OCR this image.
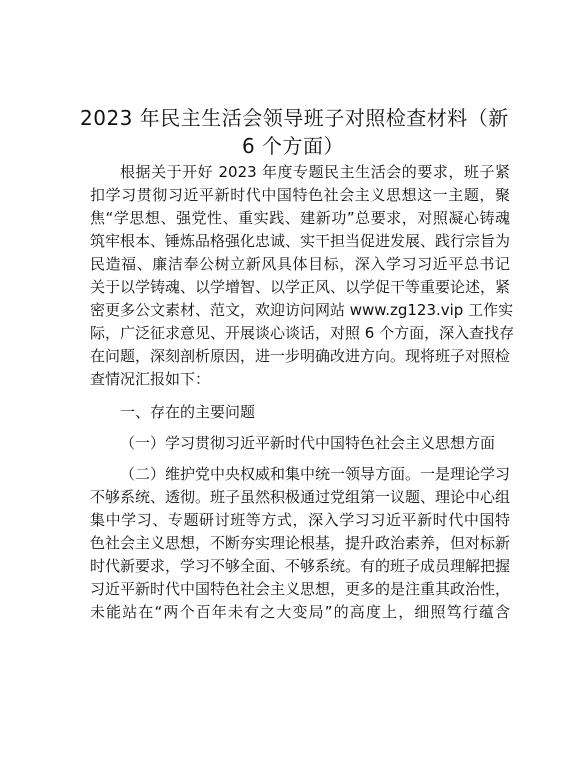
2023 年民主生活会领导班子对照检查材料（新
6 个方面）
根据关于开好 2023 年度专题民主生活会的要求，班子紧
扣学习贯彻习近平新时代中国特色社会主义思想这一主题，聚
焦“学思想、强党性、重实践、建新功”总要求，对照凝心铸魂
筑牢根本、锤炼品格强化忠诚、实干担当促进发展、践行宗旨为
民造福、廉洁奉公树立新风具体目标，深入学习习近平总书记
关于以学铸魂、以学增智、以学正风、以学促干等重要论述，紧
密更多公文素材、范文，欢迎访问网站 www.zg123.vip 工作实
际，广泛征求意见、开展谈心谈话，对照 6 个方面，深入查找存
在问题，深刻剖析原因，进一步明确改进方向。现将班子对照检
查情况汇报如下：
一、存在的主要问题
（一）学习贯彻习近平新时代中国特色社会主义思想方面
（二）维护党中央权威和集中统一领导方面。一是理论学习
不够系统、透彻。班子虽然积极通过党组第一议题、理论中心组
集中学习、专题研讨班等方式，深入学习习近平新时代中国特
色社会主义思想，不断夯实理论根基，提升政治素养，但对标新
时代新要求，学习不够全面、不够系统。有的班子成员理解把握
习近平新时代中国特色社会主义思想，更多的是注重其政治性，
未能站在“两个百年未有之大变局”的高度上，细照笃行蕴含
